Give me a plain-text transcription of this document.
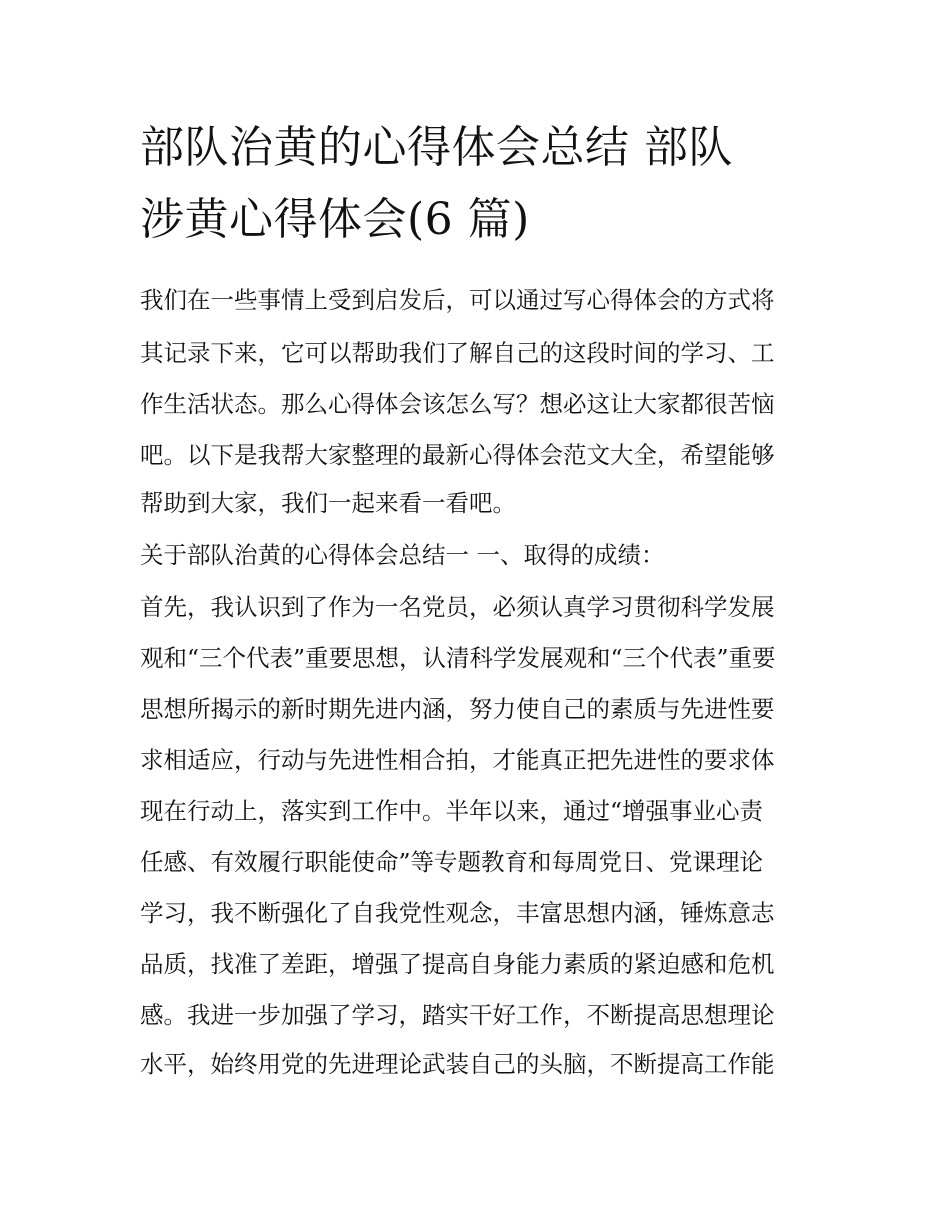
部队治黄的心得体会总结 部队
涉黄心得体会(6 篇)
我们在一些事情上受到启发后，可以通过写心得体会的方式将
其记录下来，它可以帮助我们了解自己的这段时间的学习、工
作生活状态。那么心得体会该怎么写？想必这让大家都很苦恼
吧。以下是我帮大家整理的最新心得体会范文大全，希望能够
帮助到大家，我们一起来看一看吧。
关于部队治黄的心得体会总结一 一、取得的成绩：
首先，我认识到了作为一名党员，必须认真学习贯彻科学发展
观和“三个代表”重要思想，认清科学发展观和“三个代表”重要
思想所揭示的新时期先进内涵，努力使自己的素质与先进性要
求相适应，行动与先进性相合拍，才能真正把先进性的要求体
现在行动上，落实到工作中。半年以来，通过“增强事业心责
任感、有效履行职能使命”等专题教育和每周党日、党课理论
学习，我不断强化了自我党性观念，丰富思想内涵，锤炼意志
品质，找准了差距，增强了提高自身能力素质的紧迫感和危机
感。我进一步加强了学习，踏实干好工作，不断提高思想理论
水平，始终用党的先进理论武装自己的头脑，不断提高工作能
